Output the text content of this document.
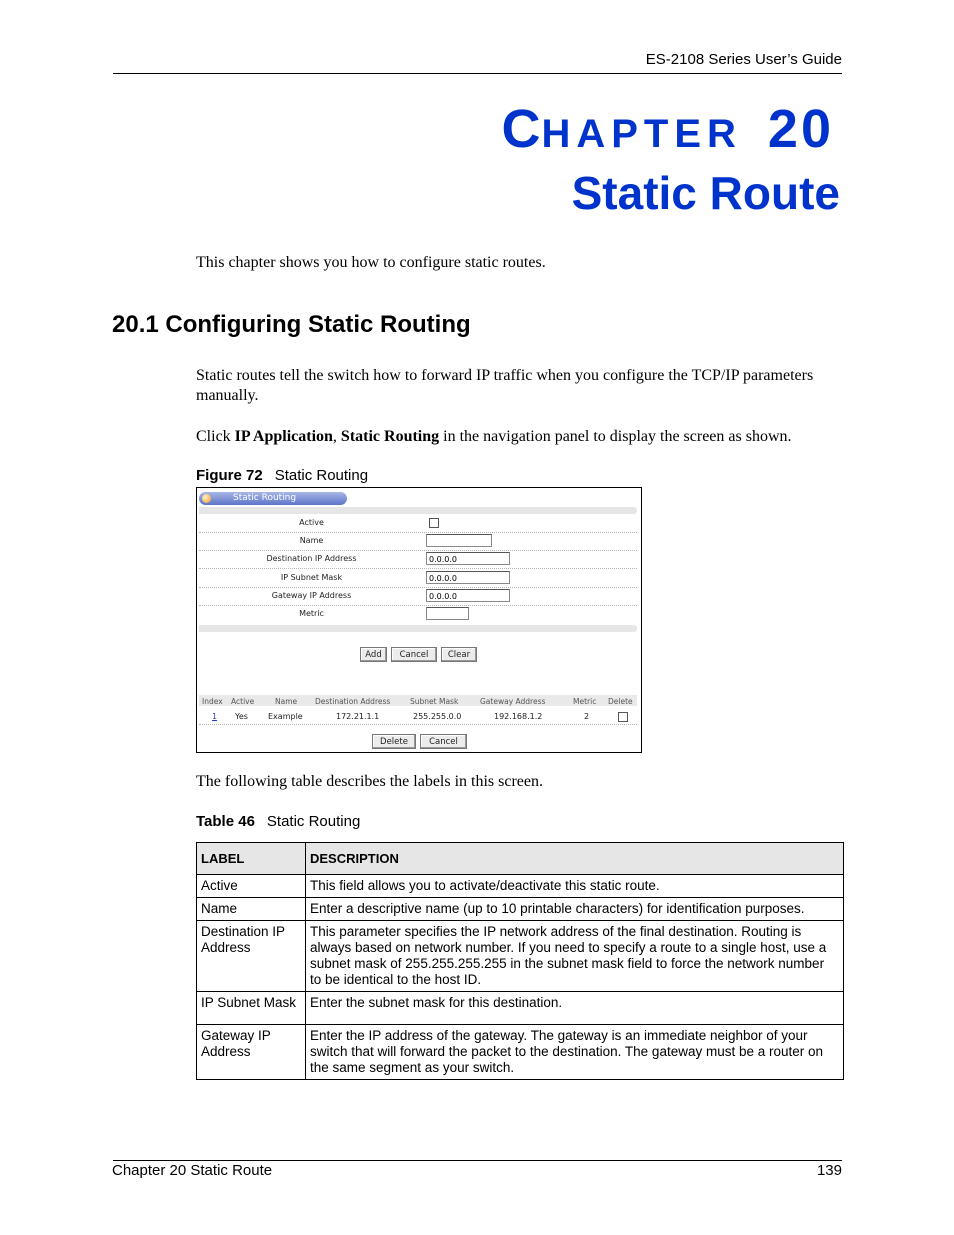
ES-2108 Series User’s Guide
CHAPTER 20
Static Route
This chapter shows you how to configure static routes.
20.1 Configuring Static Routing
Static routes tell the switch how to forward IP traffic when you configure the TCP/IP parameters manually.
Click IP Application, Static Routing in the navigation panel to display the screen as shown.
Figure 72 Static Routing
Static Routing
Active
Name
Destination IP Address	0.0.0.0
IP Subnet Mask	0.0.0.0
Gateway IP Address	0.0.0.0
Metric
Add	Cancel	Clear
Index Active	Name Destination Address	Subnet Mask	Gateway Address	Metric Delete
1 Yes	Example	172.21.1.1	255.255.0.0	192.168.1.2	2
Delete	Cancel
The following table describes the labels in this screen.
Table 46 Static Routing
LABEL	DESCRIPTION
Active	This field allows you to activate/deactivate this static route.
Name	Enter a descriptive name (up to 10 printable characters) for identification purposes.
Destination IP Address	This parameter specifies the IP network address of the final destination. Routing is always based on network number. If you need to specify a route to a single host, use a subnet mask of 255.255.255.255 in the subnet mask field to force the network number to be identical to the host ID.
IP Subnet Mask	Enter the subnet mask for this destination.
Gateway IP Address	Enter the IP address of the gateway. The gateway is an immediate neighbor of your switch that will forward the packet to the destination. The gateway must be a router on the same segment as your switch.
Chapter 20 Static Route	139
